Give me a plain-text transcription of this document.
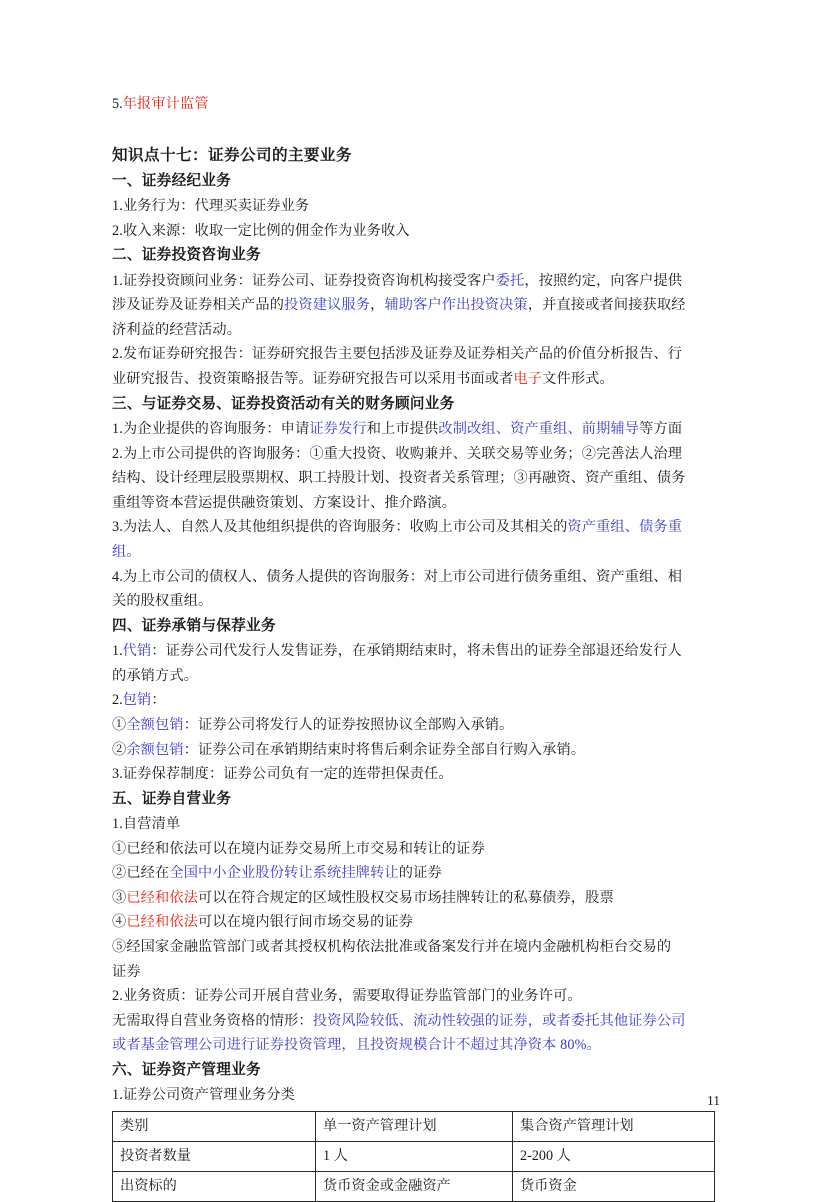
5.年报审计监管
知识点十七：证券公司的主要业务
一、证券经纪业务
1.业务行为：代理买卖证券业务
2.收入来源：收取一定比例的佣金作为业务收入
二、证券投资咨询业务
1.证券投资顾问业务：证券公司、证券投资咨询机构接受客户委托，按照约定，向客户提供
涉及证券及证券相关产品的投资建议服务，辅助客户作出投资决策，并直接或者间接获取经
济利益的经营活动。
2.发布证券研究报告：证券研究报告主要包括涉及证券及证券相关产品的价值分析报告、行
业研究报告、投资策略报告等。证券研究报告可以采用书面或者电子文件形式。
三、与证券交易、证券投资活动有关的财务顾问业务
1.为企业提供的咨询服务：申请证券发行和上市提供改制改组、资产重组、前期辅导等方面
2.为上市公司提供的咨询服务：①重大投资、收购兼并、关联交易等业务；②完善法人治理
结构、设计经理层股票期权、职工持股计划、投资者关系管理；③再融资、资产重组、债务
重组等资本营运提供融资策划、方案设计、推介路演。
3.为法人、自然人及其他组织提供的咨询服务：收购上市公司及其相关的资产重组、债务重
组。
4.为上市公司的债权人、债务人提供的咨询服务：对上市公司进行债务重组、资产重组、相
关的股权重组。
四、证券承销与保荐业务
1.代销：证券公司代发行人发售证券，在承销期结束时，将未售出的证券全部退还给发行人
的承销方式。
2.包销：
①全额包销：证券公司将发行人的证券按照协议全部购入承销。
②余额包销：证券公司在承销期结束时将售后剩余证券全部自行购入承销。
3.证券保荐制度：证券公司负有一定的连带担保责任。
五、证券自营业务
1.自营清单
①已经和依法可以在境内证券交易所上市交易和转让的证券
②已经在全国中小企业股份转让系统挂牌转让的证券
③已经和依法可以在符合规定的区域性股权交易市场挂牌转让的私募债券，股票
④已经和依法可以在境内银行间市场交易的证券
⑤经国家金融监管部门或者其授权机构依法批准或备案发行并在境内金融机构柜台交易的
证券
2.业务资质：证券公司开展自营业务，需要取得证券监管部门的业务许可。
无需取得自营业务资格的情形：投资风险较低、流动性较强的证券，或者委托其他证券公司
或者基金管理公司进行证券投资管理，且投资规模合计不超过其净资本 80%。
六、证券资产管理业务
1.证券公司资产管理业务分类
类别	单一资产管理计划	集合资产管理计划
投资者数量	1 人	2-200 人
出资标的	货币资金或金融资产	货币资金
11
